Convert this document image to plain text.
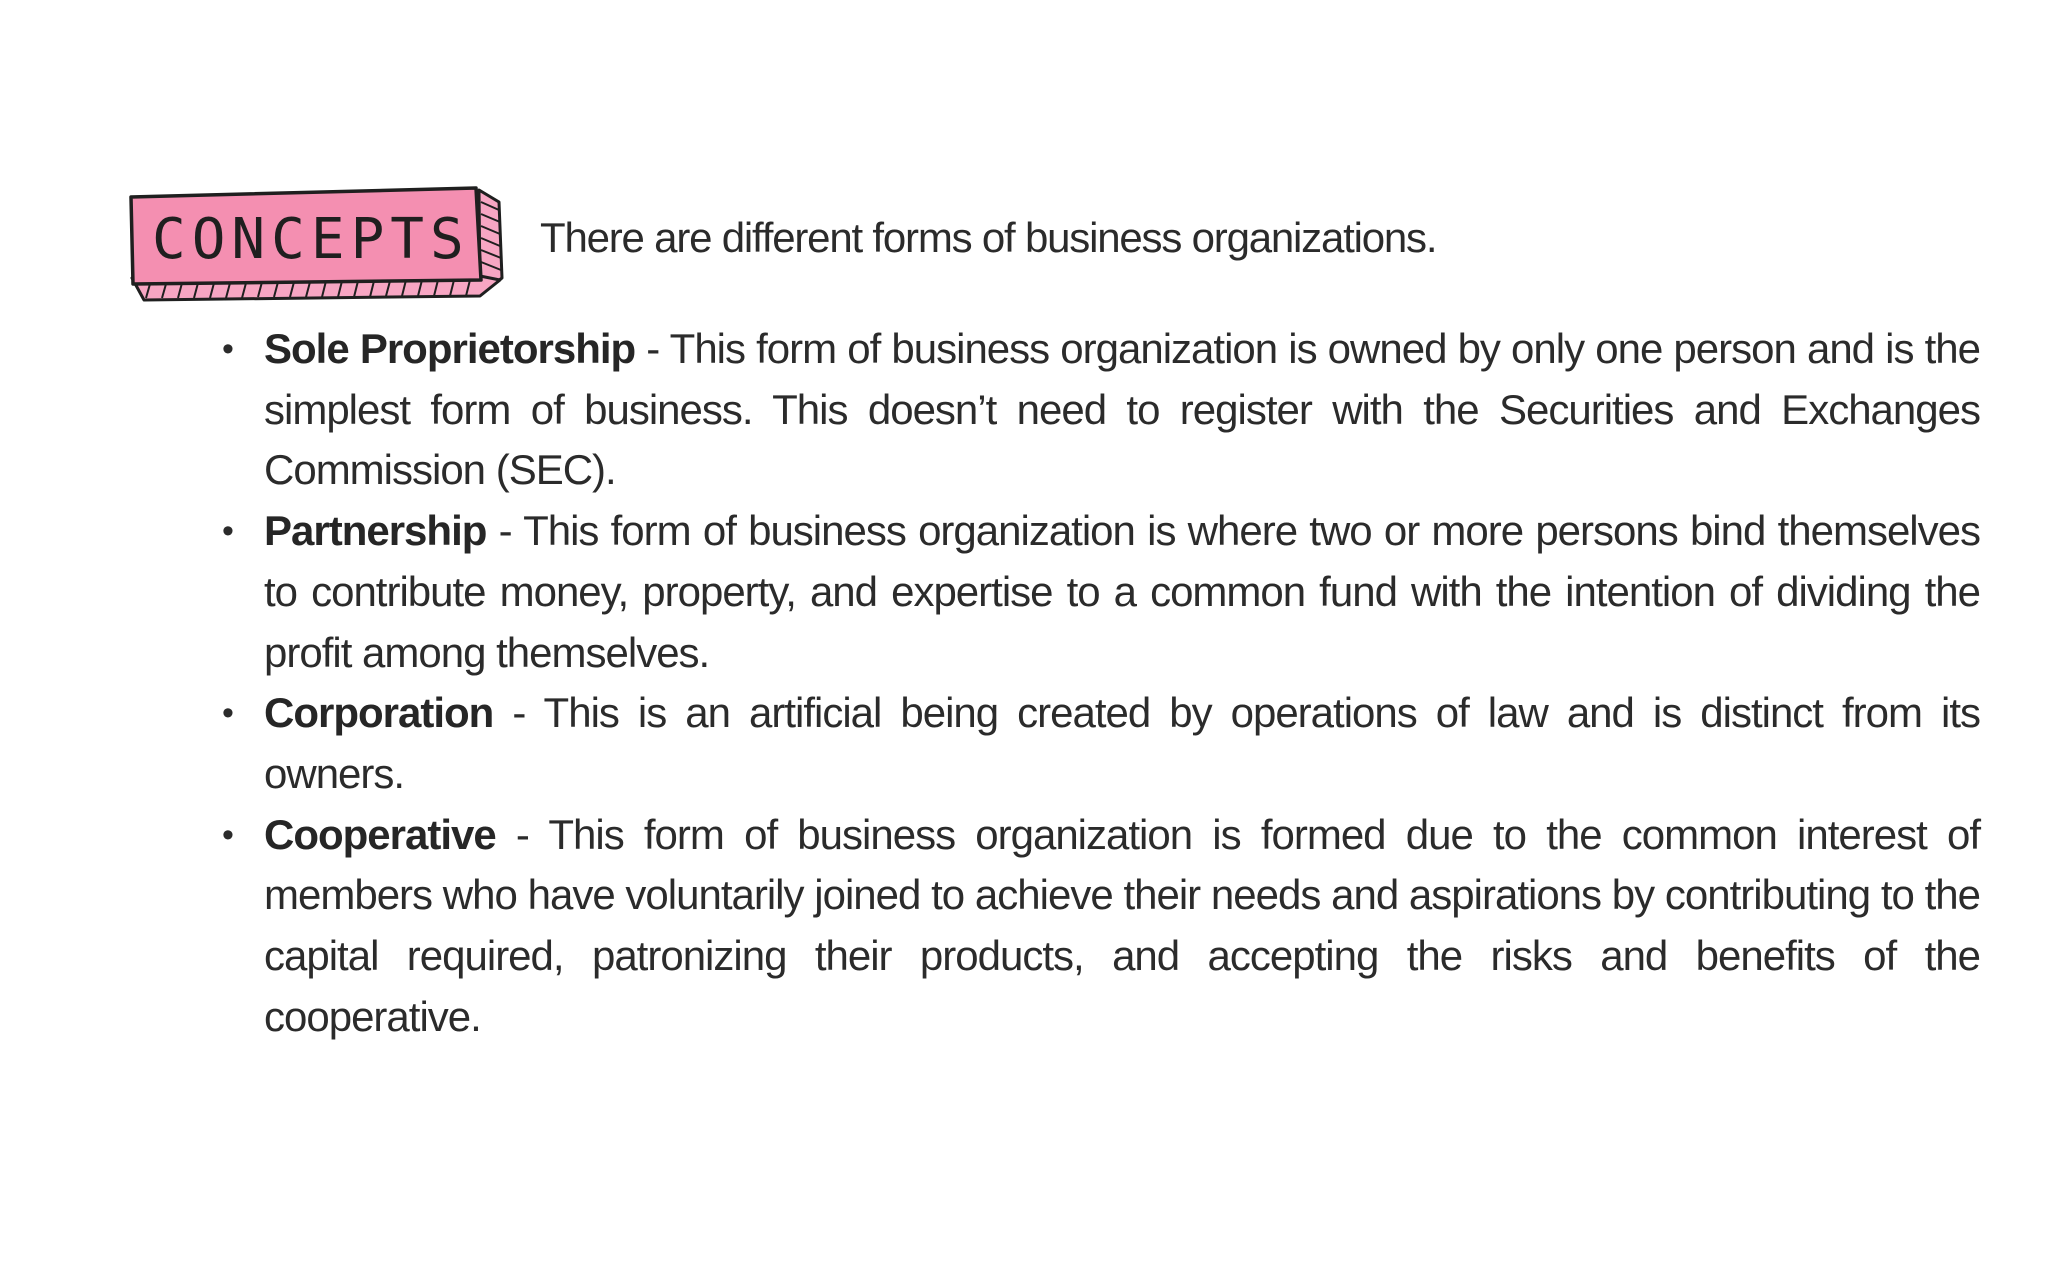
CONCEPTS There are different forms of business organizations.

• Sole Proprietorship - This form of business organization is owned by only one person and is the simplest form of business. This doesn’t need to register with the Securities and Exchanges Commission (SEC).
• Partnership - This form of business organization is where two or more persons bind themselves to contribute money, property, and expertise to a common fund with the intention of dividing the profit among themselves.
• Corporation - This is an artificial being created by operations of law and is distinct from its owners.
• Cooperative - This form of business organization is formed due to the common interest of members who have voluntarily joined to achieve their needs and aspirations by contributing to the capital required, patronizing their products, and accepting the risks and benefits of the cooperative.
